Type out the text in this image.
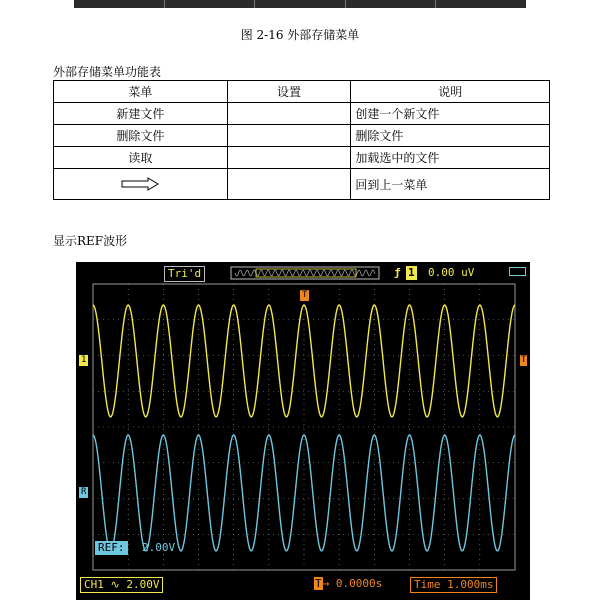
图 2-16 外部存储菜单
外部存储菜单功能表
菜单	设置	说明
新建文件		创建一个新文件
删除文件		删除文件
读取		加载选中的文件
		回到上一菜单
显示REF波形
Tri'd	ƒ 1 0.00 uV
1	T
R
T
REF: 2.00V
CH1 ∿ 2.00V	T→ 0.0000s	Time 1.000ms
